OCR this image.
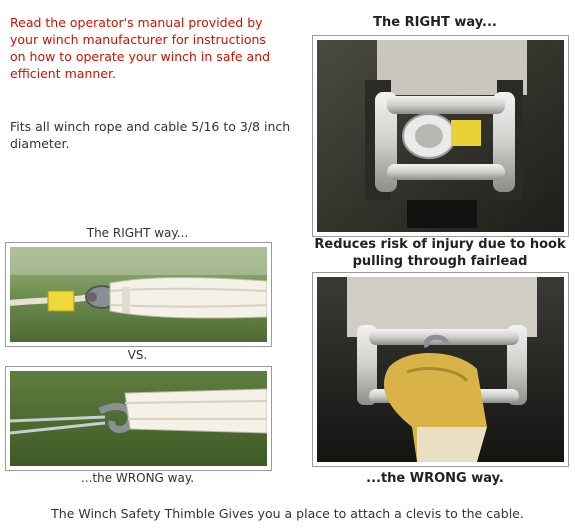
Read the operator's manual provided by your winch manufacturer for instructions on how to operate your winch in safe and efficient manner.
Fits all winch rope and cable 5/16 to 3/8 inch diameter.
The RIGHT way...
VS.
...the WRONG way.
The RIGHT way...
Reduces risk of injury due to hook pulling through fairlead
...the WRONG way.
The Winch Safety Thimble Gives you a place to attach a clevis to the cable.
